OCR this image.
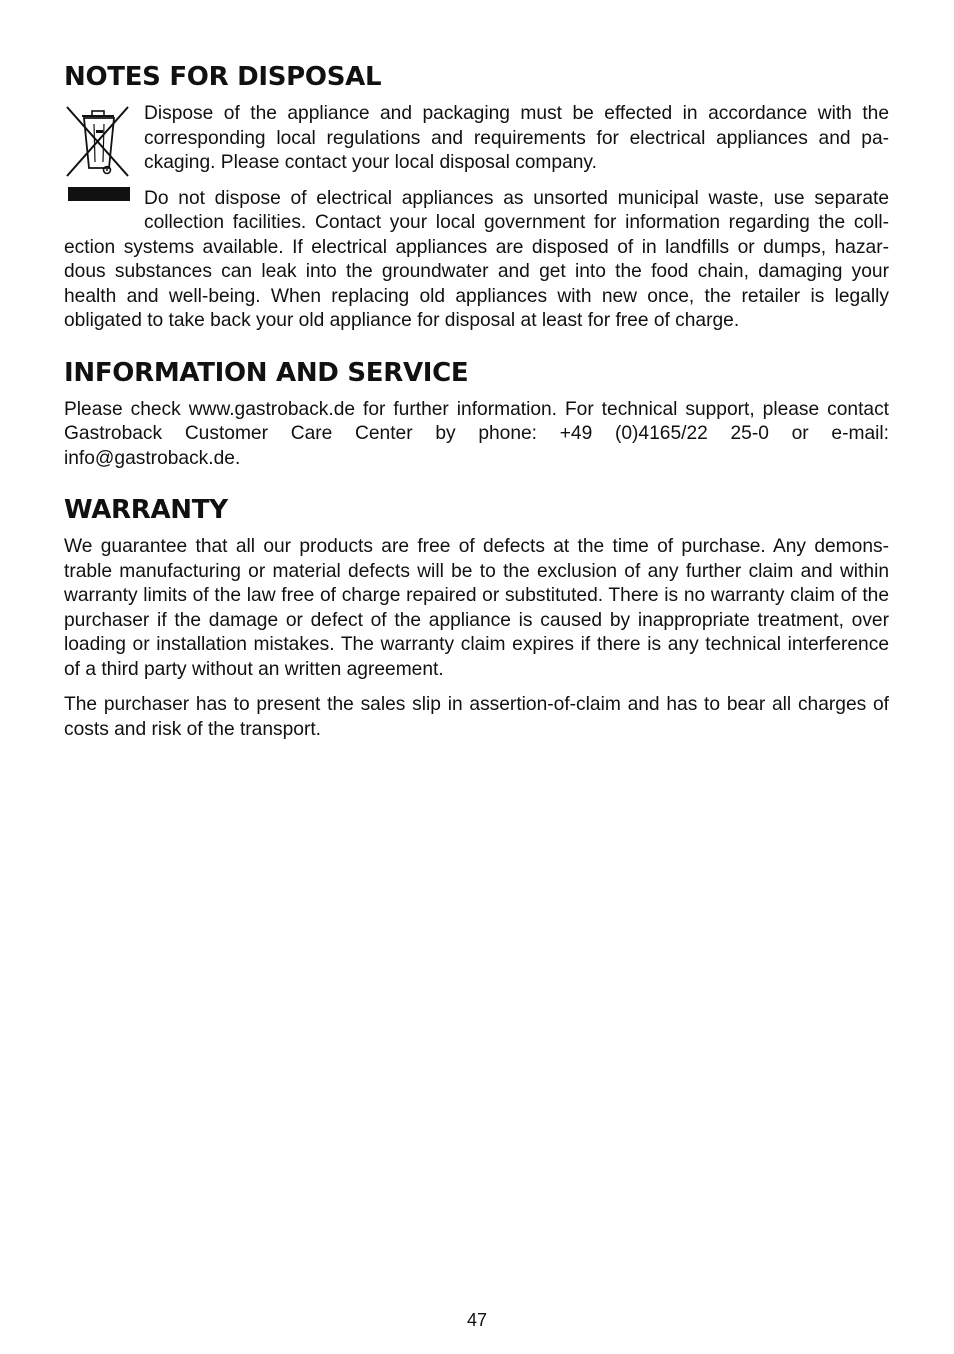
NOTES FOR DISPOSAL

Dispose of the appliance and packaging must be effected in accordance with the corresponding local regulations and requirements for electrical appliances and pa-ckaging. Please contact your local disposal company.

Do not dispose of electrical appliances as unsorted municipal waste, use separate collection facilities. Contact your local government for information regarding the coll-ection systems available. If electrical appliances are disposed of in landfills or dumps, hazar-dous substances can leak into the groundwater and get into the food chain, damaging your health and well-being. When replacing old appliances with new once, the retailer is legally obligated to take back your old appliance for disposal at least for free of charge.

INFORMATION AND SERVICE

Please check www.gastroback.de for further information. For technical support, please contact Gastroback Customer Care Center by phone: +49 (0)4165/22 25-0 or e-mail: info@gastroback.de.

WARRANTY

We guarantee that all our products are free of defects at the time of purchase. Any demons-trable manufacturing or material defects will be to the exclusion of any further claim and within warranty limits of the law free of charge repaired or substituted. There is no warranty claim of the purchaser if the damage or defect of the appliance is caused by inappropriate treatment, over loading or installation mistakes. The warranty claim expires if there is any technical interference of a third party without an written agreement.

The purchaser has to present the sales slip in assertion-of-claim and has to bear all charges of costs and risk of the transport.

47
